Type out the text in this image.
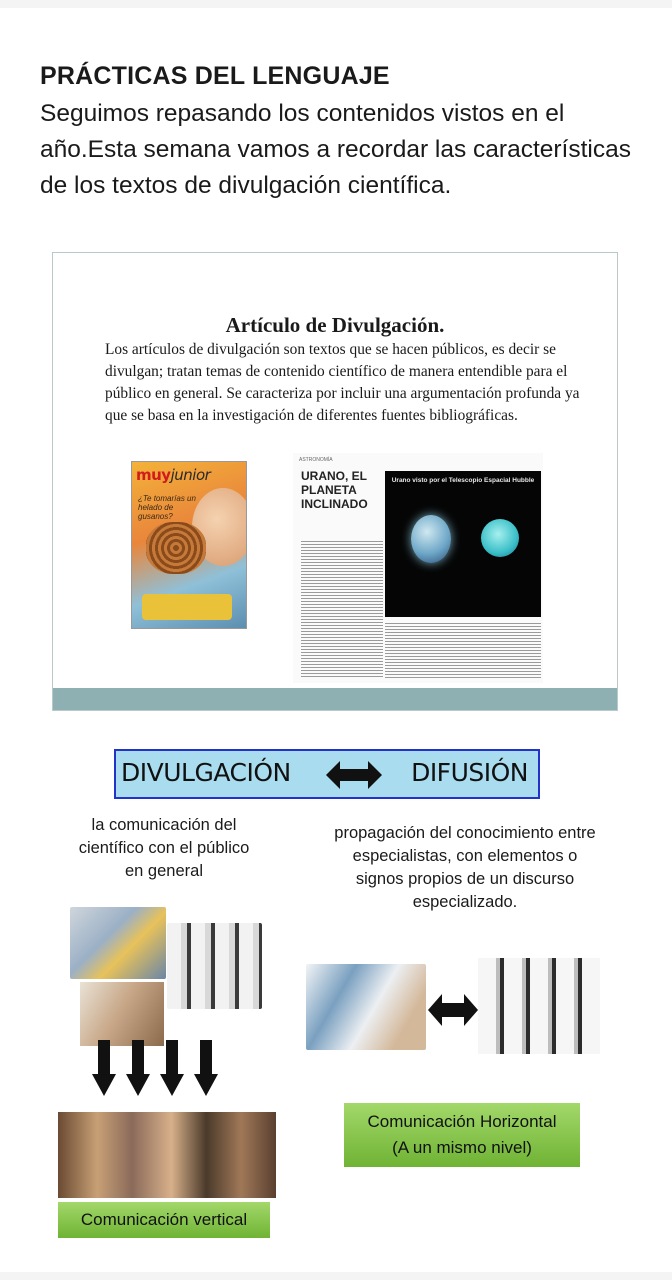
PRÁCTICAS DEL LENGUAJE
Seguimos repasando los contenidos vistos en el año.Esta semana vamos a recordar las características de los textos de divulgación científica.
Artículo de Divulgación.
Los artículos de divulgación son textos que se hacen públicos, es decir se divulgan; tratan temas de contenido científico de manera entendible para el público en general. Se caracteriza por incluir una argumentación profunda ya que se basa en la investigación de diferentes fuentes bibliográficas.
muyjunior
¿Te tomarías un helado de gusanos?
ASTRONOMÍA
URANO, EL PLANETA INCLINADO
Urano visto por el Telescopio Espacial Hubble
DIVULGACIÓN	DIFUSIÓN
la comunicación del científico con el público en general
propagación del conocimiento entre especialistas, con elementos o signos propios de un discurso especializado.
Comunicación vertical
Comunicación Horizontal
(A un mismo nivel)
